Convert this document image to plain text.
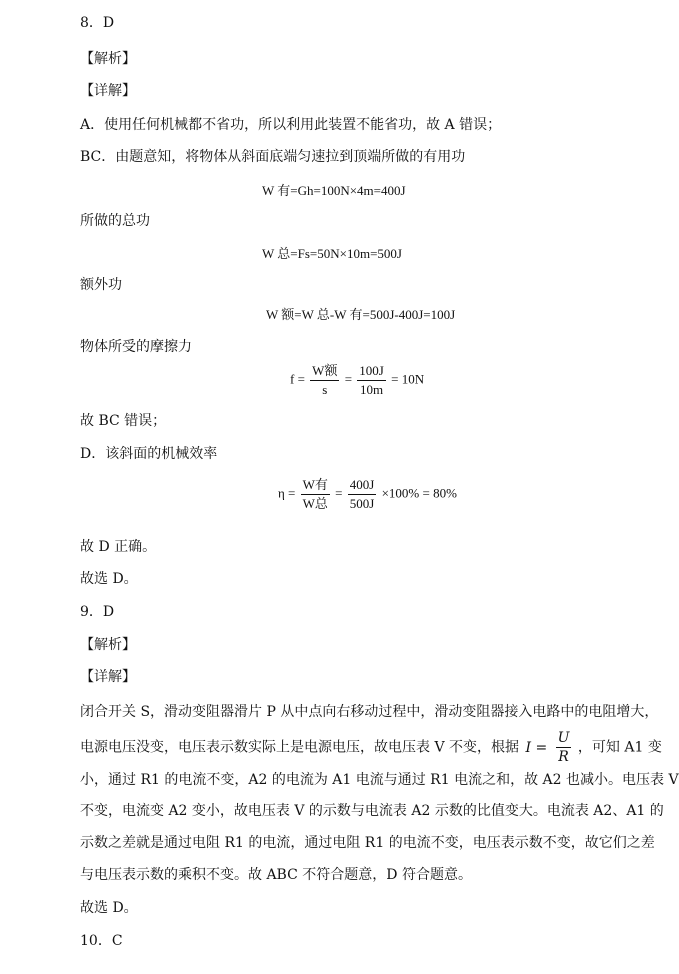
8．D
【解析】
【详解】
A．使用任何机械都不省功，所以利用此装置不能省功，故 A 错误；
BC．由题意知，将物体从斜面底端匀速拉到顶端所做的有用功
W 有=Gh=100N×4m=400J
所做的总功
W 总=Fs=50N×10m=500J
额外功
W 额=W 总-W 有=500J-400J=100J
物体所受的摩擦力
$f = \frac{\text{W额}}{s} = \frac{100J}{10m} = 10N$
故 BC 错误；
D．该斜面的机械效率
$\eta = \frac{\text{W有}}{\text{W总}} = \frac{400J}{500J} \times 100\% = 80\%$
故 D 正确。
故选 D。
9．D
【解析】
【详解】
闭合开关 S，滑动变阻器滑片 P 从中点向右移动过程中，滑动变阻器接入电路中的电阻增大，
电源电压没变，电压表示数实际上是电源电压，故电压表 V 不变，根据 $I = \frac{U}{R}$ ，可知 A1 变
小，通过 R1 的电流不变，A2 的电流为 A1 电流与通过 R1 电流之和，故 A2 也减小。电压表 V
不变，电流变 A2 变小，故电压表 V 的示数与电流表 A2 示数的比值变大。电流表 A2、A1 的
示数之差就是通过电阻 R1 的电流，通过电阻 R1 的电流不变，电压表示数不变，故它们之差
与电压表示数的乘积不变。故 ABC 不符合题意，D 符合题意。
故选 D。
10．C
